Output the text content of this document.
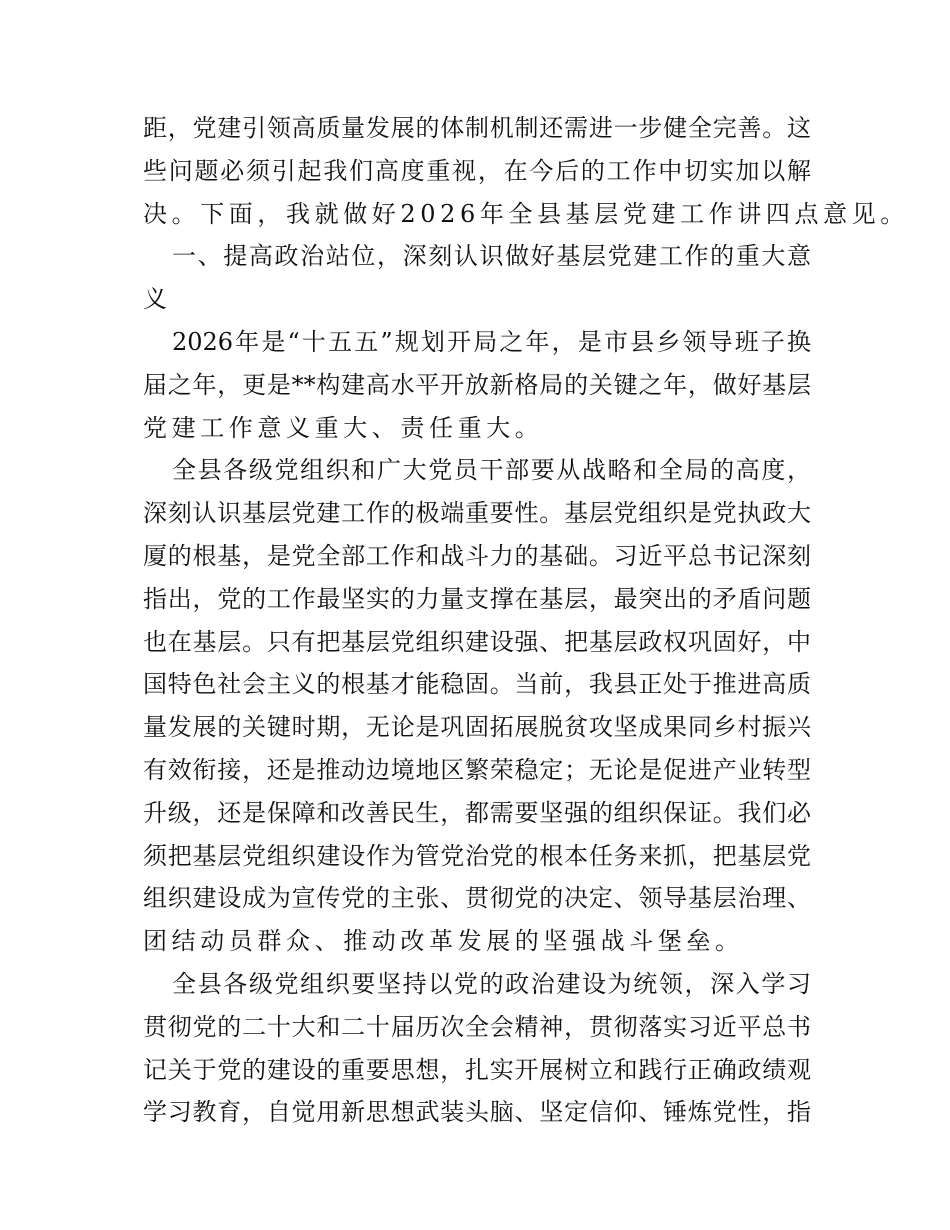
距，党建引领高质量发展的体制机制还需进一步健全完善。这
些问题必须引起我们高度重视，在今后的工作中切实加以解
决。下面，我就做好2026年全县基层党建工作讲四点意见。
一、提高政治站位，深刻认识做好基层党建工作的重大意
义
2026年是“十五五”规划开局之年，是市县乡领导班子换
届之年，更是**构建高水平开放新格局的关键之年，做好基层
党建工作意义重大、责任重大。
全县各级党组织和广大党员干部要从战略和全局的高度，
深刻认识基层党建工作的极端重要性。基层党组织是党执政大
厦的根基，是党全部工作和战斗力的基础。习近平总书记深刻
指出，党的工作最坚实的力量支撑在基层，最突出的矛盾问题
也在基层。只有把基层党组织建设强、把基层政权巩固好，中
国特色社会主义的根基才能稳固。当前，我县正处于推进高质
量发展的关键时期，无论是巩固拓展脱贫攻坚成果同乡村振兴
有效衔接，还是推动边境地区繁荣稳定；无论是促进产业转型
升级，还是保障和改善民生，都需要坚强的组织保证。我们必
须把基层党组织建设作为管党治党的根本任务来抓，把基层党
组织建设成为宣传党的主张、贯彻党的决定、领导基层治理、
团结动员群众、推动改革发展的坚强战斗堡垒。
全县各级党组织要坚持以党的政治建设为统领，深入学习
贯彻党的二十大和二十届历次全会精神，贯彻落实习近平总书
记关于党的建设的重要思想，扎实开展树立和践行正确政绩观
学习教育，自觉用新思想武装头脑、坚定信仰、锤炼党性，指
